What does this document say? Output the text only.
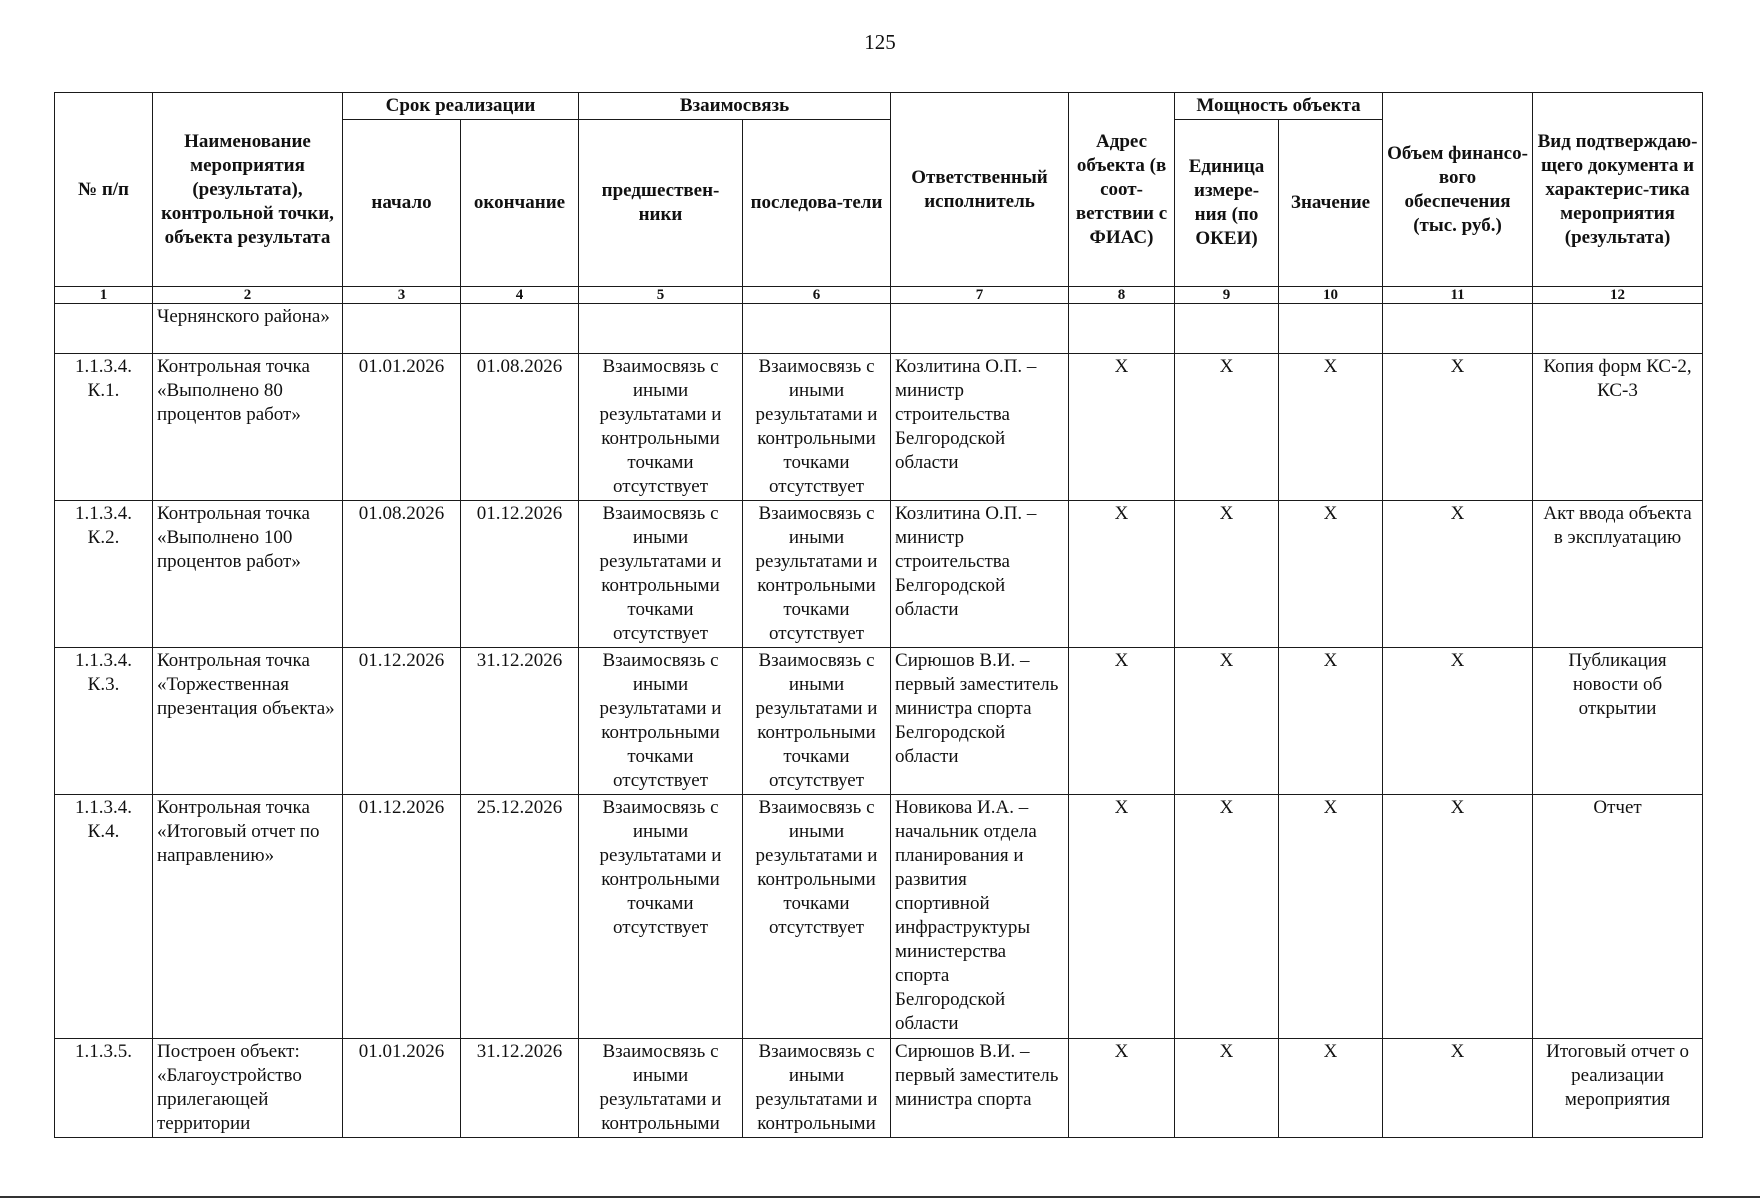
125
№ п/п	Наименование мероприятия (результата), контрольной точки, объекта результата	Срок реализации		Взаимосвязь		Ответственный исполнитель	Адрес объекта (в соот-ветствии с ФИАС)	Мощность объекта		Объем финансо-вого обеспечения (тыс. руб.)	Вид подтверждаю-щего документа и характерис-тика мероприятия (результата)
		начало	окончание	предшествен-ники	последова-тели			Единица измере-ния (по ОКЕИ)	Значение		
1	2	3	4	5	6	7	8	9	10	11	12
	Чернянского района»										
1.1.3.4. К.1.	Контрольная точка «Выполнено 80 процентов работ»	01.01.2026	01.08.2026	Взаимосвязь с иными результатами и контрольными точками отсутствует	Взаимосвязь с иными результатами и контрольными точками отсутствует	Козлитина О.П. – министр строительства Белгородской области	X	X	X	X	Копия форм КС-2, КС-3
1.1.3.4. К.2.	Контрольная точка «Выполнено 100 процентов работ»	01.08.2026	01.12.2026	Взаимосвязь с иными результатами и контрольными точками отсутствует	Взаимосвязь с иными результатами и контрольными точками отсутствует	Козлитина О.П. – министр строительства Белгородской области	X	X	X	X	Акт ввода объекта в эксплуатацию
1.1.3.4. К.3.	Контрольная точка «Торжественная презентация объекта»	01.12.2026	31.12.2026	Взаимосвязь с иными результатами и контрольными точками отсутствует	Взаимосвязь с иными результатами и контрольными точками отсутствует	Сирюшов В.И. – первый заместитель министра спорта Белгородской области	X	X	X	X	Публикация новости об открытии
1.1.3.4. К.4.	Контрольная точка «Итоговый отчет по направлению»	01.12.2026	25.12.2026	Взаимосвязь с иными результатами и контрольными точками отсутствует	Взаимосвязь с иными результатами и контрольными точками отсутствует	Новикова И.А. – начальник отдела планирования и развития спортивной инфраструктуры министерства спорта Белгородской области	X	X	X	X	Отчет
1.1.3.5.	Построен объект: «Благоустройство прилегающей территории	01.01.2026	31.12.2026	Взаимосвязь с иными результатами и контрольными	Взаимосвязь с иными результатами и контрольными	Сирюшов В.И. – первый заместитель министра спорта	X	X	X	X	Итоговый отчет о реализации мероприятия
